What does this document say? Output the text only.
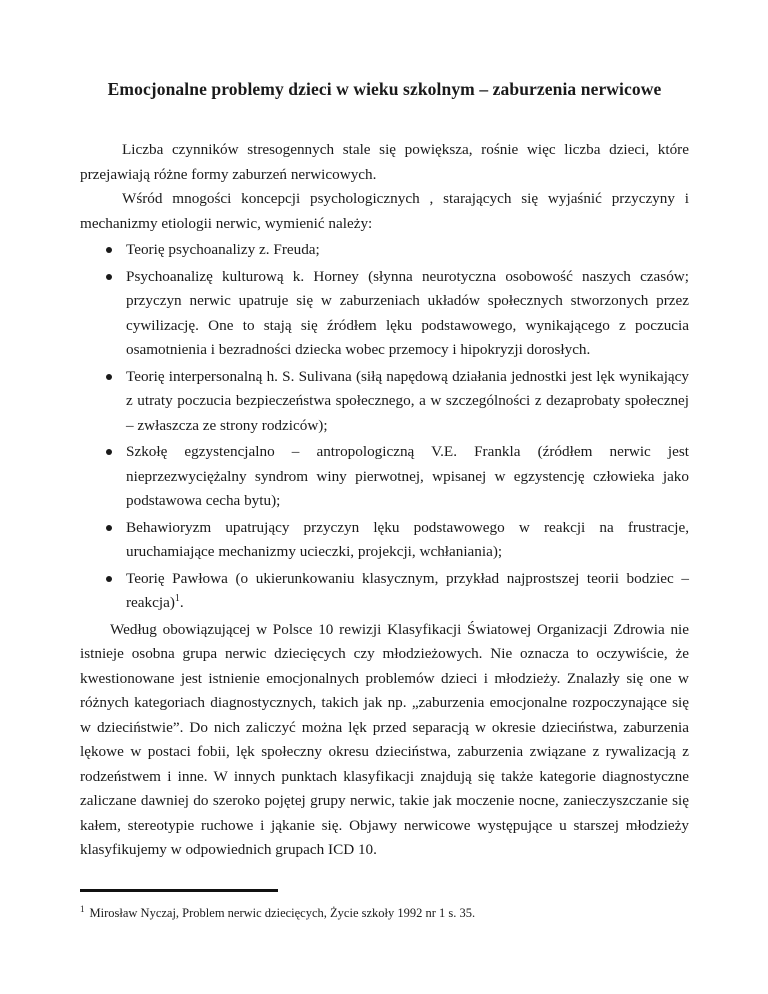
Emocjonalne problemy dzieci w wieku szkolnym – zaburzenia nerwicowe

Liczba czynników stresogennych stale się powiększa, rośnie więc liczba dzieci, które przejawiają różne formy zaburzeń nerwicowych.

Wśród mnogości koncepcji psychologicznych , starających się wyjaśnić przyczyny i mechanizmy etiologii nerwic, wymienić należy:

Teorię psychoanalizy z. Freuda;
Psychoanalizę kulturową k. Horney (słynna neurotyczna osobowość naszych czasów; przyczyn nerwic upatruje się w zaburzeniach układów społecznych stworzonych przez cywilizację. One to stają się źródłem lęku podstawowego, wynikającego z poczucia osamotnienia i bezradności dziecka wobec przemocy i hipokryzji dorosłych.
Teorię interpersonalną h. S. Sulivana (siłą napędową działania jednostki jest lęk wynikający z utraty poczucia bezpieczeństwa społecznego, a w szczególności z dezaprobaty społecznej – zwłaszcza ze strony rodziców);
Szkołę egzystencjalno – antropologiczną V.E. Frankla (źródłem nerwic jest nieprzezwyciężalny syndrom winy pierwotnej, wpisanej w egzystencję człowieka jako podstawowa cecha bytu);
Behawioryzm upatrujący przyczyn lęku podstawowego w reakcji na frustracje, uruchamiające mechanizmy ucieczki, projekcji, wchłaniania);
Teorię Pawłowa (o ukierunkowaniu klasycznym, przykład najprostszej teorii bodziec – reakcja)$^1$.

Według obowiązującej w Polsce 10 rewizji Klasyfikacji Światowej Organizacji Zdrowia nie istnieje osobna grupa nerwic dziecięcych czy młodzieżowych. Nie oznacza to oczywiście, że kwestionowane jest istnienie emocjonalnych problemów dzieci i młodzieży. Znalazły się one w różnych kategoriach diagnostycznych, takich jak np. „zaburzenia emocjonalne rozpoczynające się w dzieciństwie”. Do nich zaliczyć można lęk przed separacją w okresie dzieciństwa, zaburzenia lękowe w postaci fobii, lęk społeczny okresu dzieciństwa, zaburzenia związane z rywalizacją z rodzeństwem i inne. W innych punktach klasyfikacji znajdują się także kategorie diagnostyczne zaliczane dawniej do szeroko pojętej grupy nerwic, takie jak moczenie nocne, zanieczyszczanie się kałem, stereotypie ruchowe i jąkanie się. Objawy nerwicowe występujące u starszej młodzieży klasyfikujemy w odpowiednich grupach ICD 10.

$^1$ Mirosław Nyczaj, Problem nerwic dziecięcych, Życie szkoły 1992 nr 1 s. 35.
